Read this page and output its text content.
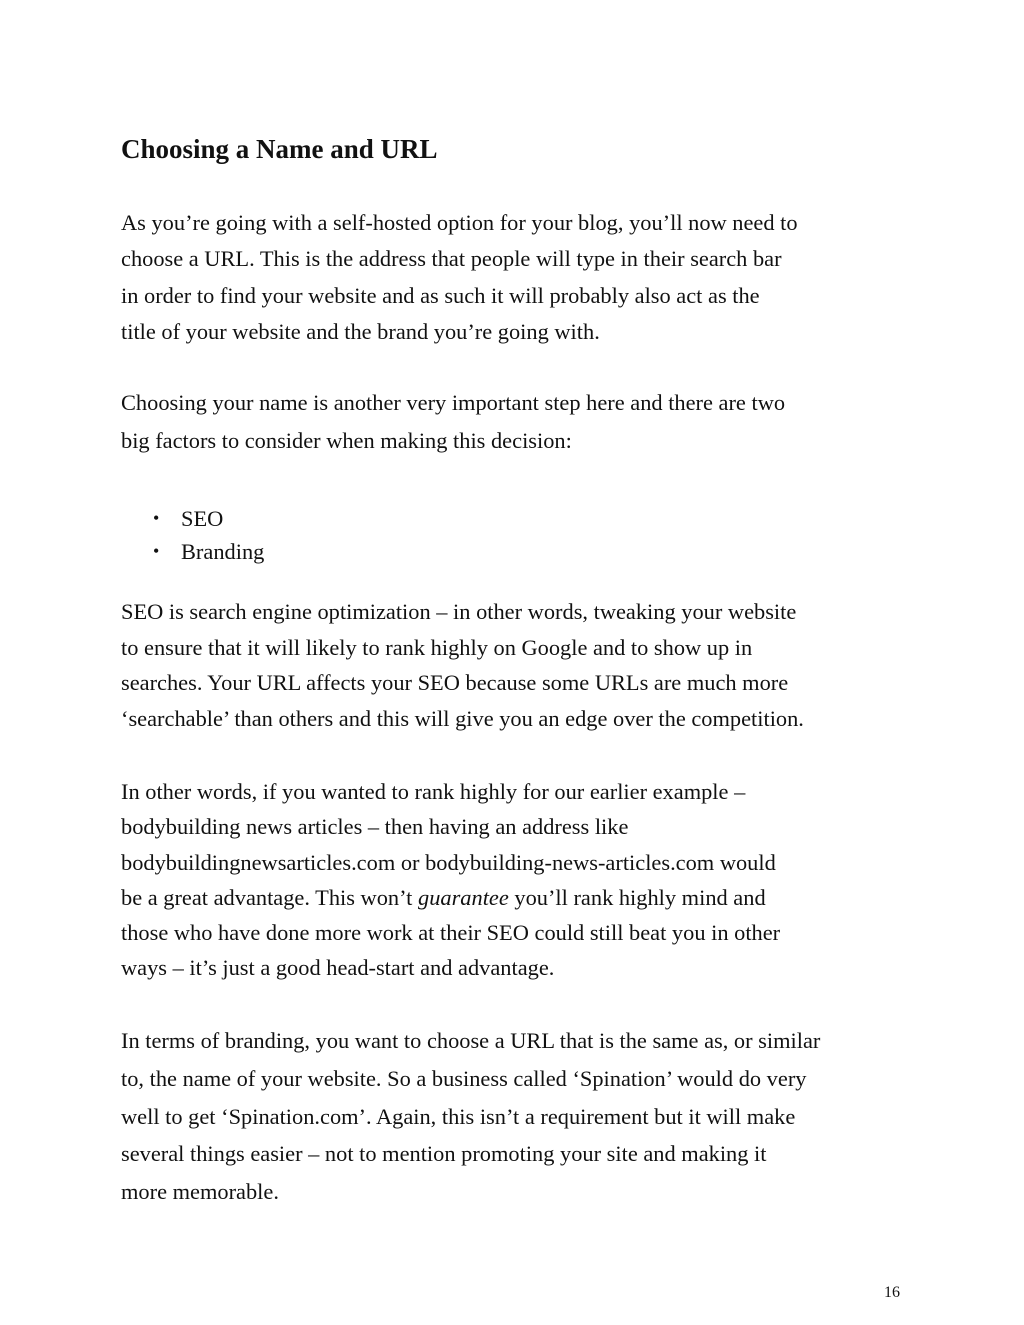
Choosing a Name and URL

As you’re going with a self-hosted option for your blog, you’ll now need to
choose a URL. This is the address that people will type in their search bar
in order to find your website and as such it will probably also act as the
title of your website and the brand you’re going with.

Choosing your name is another very important step here and there are two
big factors to consider when making this decision:

• SEO
• Branding

SEO is search engine optimization – in other words, tweaking your website
to ensure that it will likely to rank highly on Google and to show up in
searches. Your URL affects your SEO because some URLs are much more
‘searchable’ than others and this will give you an edge over the competition.

In other words, if you wanted to rank highly for our earlier example –
bodybuilding news articles – then having an address like
bodybuildingnewsarticles.com or bodybuilding-news-articles.com would
be a great advantage. This won’t guarantee you’ll rank highly mind and
those who have done more work at their SEO could still beat you in other
ways – it’s just a good head-start and advantage.

In terms of branding, you want to choose a URL that is the same as, or similar
to, the name of your website. So a business called ‘Spination’ would do very
well to get ‘Spination.com’. Again, this isn’t a requirement but it will make
several things easier – not to mention promoting your site and making it
more memorable.

16
